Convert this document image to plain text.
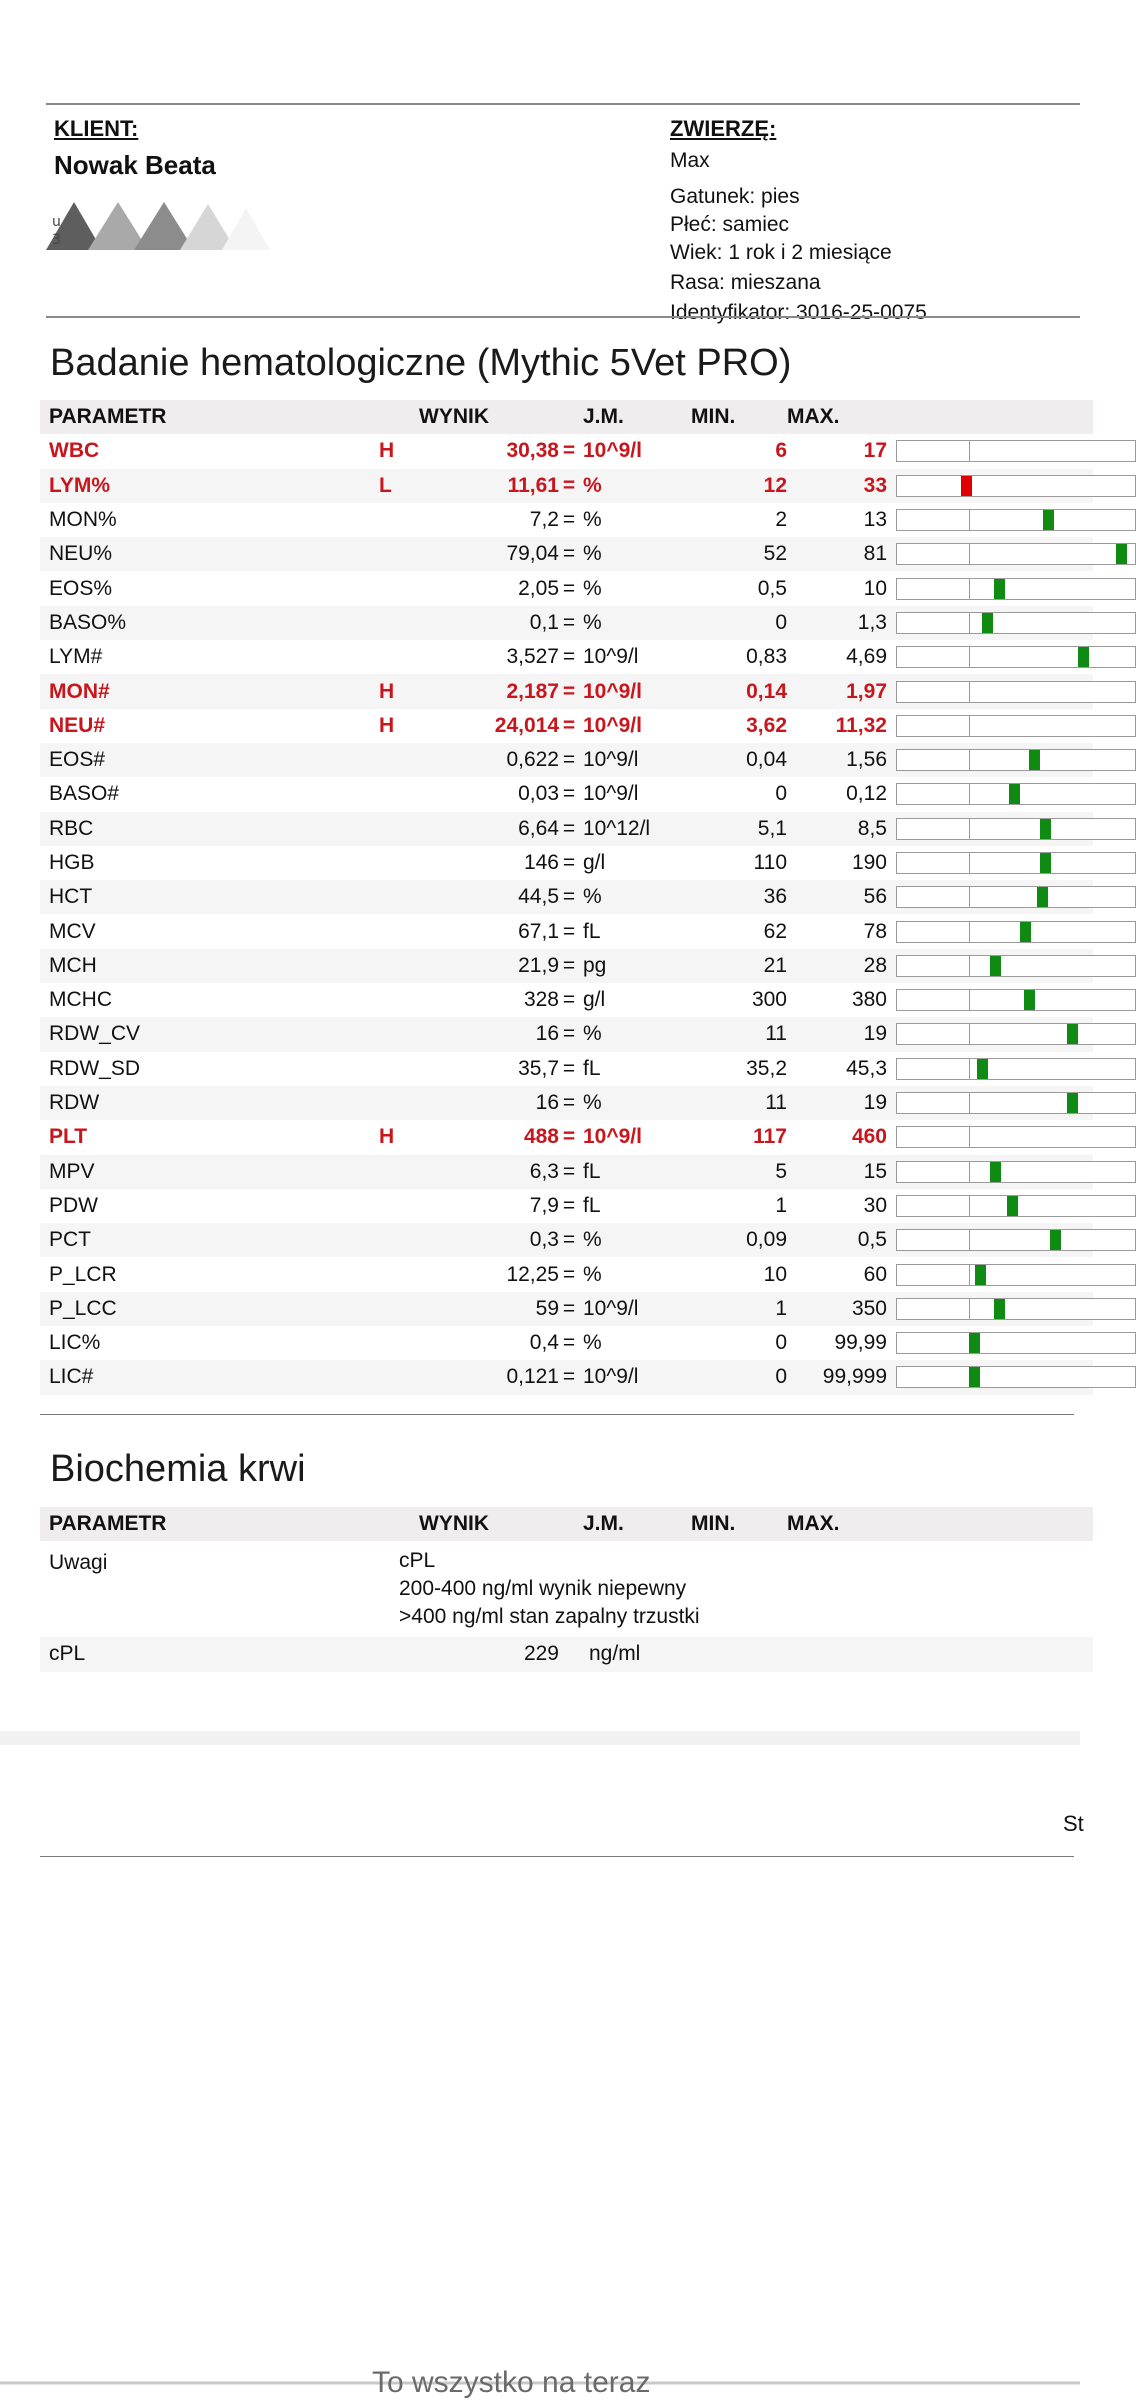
KLIENT:
Nowak Beata
u
3
ZWIERZĘ:
Max
Gatunek: pies
Płeć: samiec
Wiek: 1 rok i 2 miesiące
Rasa: mieszana
Identyfikator: 3016-25-0075
Badanie hematologiczne (Mythic 5Vet PRO)
PARAMETR		WYNIK		J.M.	MIN.	MAX.	
WBC	H	30,38	=	10^9/l	6	17	

LYM%	L	11,61	=	%	12	33	

MON%		7,2	=	%	2	13	

NEU%		79,04	=	%	52	81	

EOS%		2,05	=	%	0,5	10	

BASO%		0,1	=	%	0	1,3	

LYM#		3,527	=	10^9/l	0,83	4,69	

MON#	H	2,187	=	10^9/l	0,14	1,97	

NEU#	H	24,014	=	10^9/l	3,62	11,32	

EOS#		0,622	=	10^9/l	0,04	1,56	

BASO#		0,03	=	10^9/l	0	0,12	

RBC		6,64	=	10^12/l	5,1	8,5	

HGB		146	=	g/l	110	190	

HCT		44,5	=	%	36	56	

MCV		67,1	=	fL	62	78	

MCH		21,9	=	pg	21	28	

MCHC		328	=	g/l	300	380	

RDW_CV		16	=	%	11	19	

RDW_SD		35,7	=	fL	35,2	45,3	

RDW		16	=	%	11	19	

PLT	H	488	=	10^9/l	117	460	

MPV		6,3	=	fL	5	15	

PDW		7,9	=	fL	1	30	

PCT		0,3	=	%	0,09	0,5	

P_LCR		12,25	=	%	10	60	

P_LCC		59	=	10^9/l	1	350	

LIC%		0,4	=	%	0	99,99	

LIC#		0,121	=	10^9/l	0	99,999	
Biochemia krwi
PARAMETR		WYNIK		J.M.	MIN.	MAX.	
Uwagi	cPL
200-400 ng/ml wynik niepewny
>400 ng/ml stan zapalny trzustki						

cPL		229		ng/ml			
St
To wszystko na teraz
